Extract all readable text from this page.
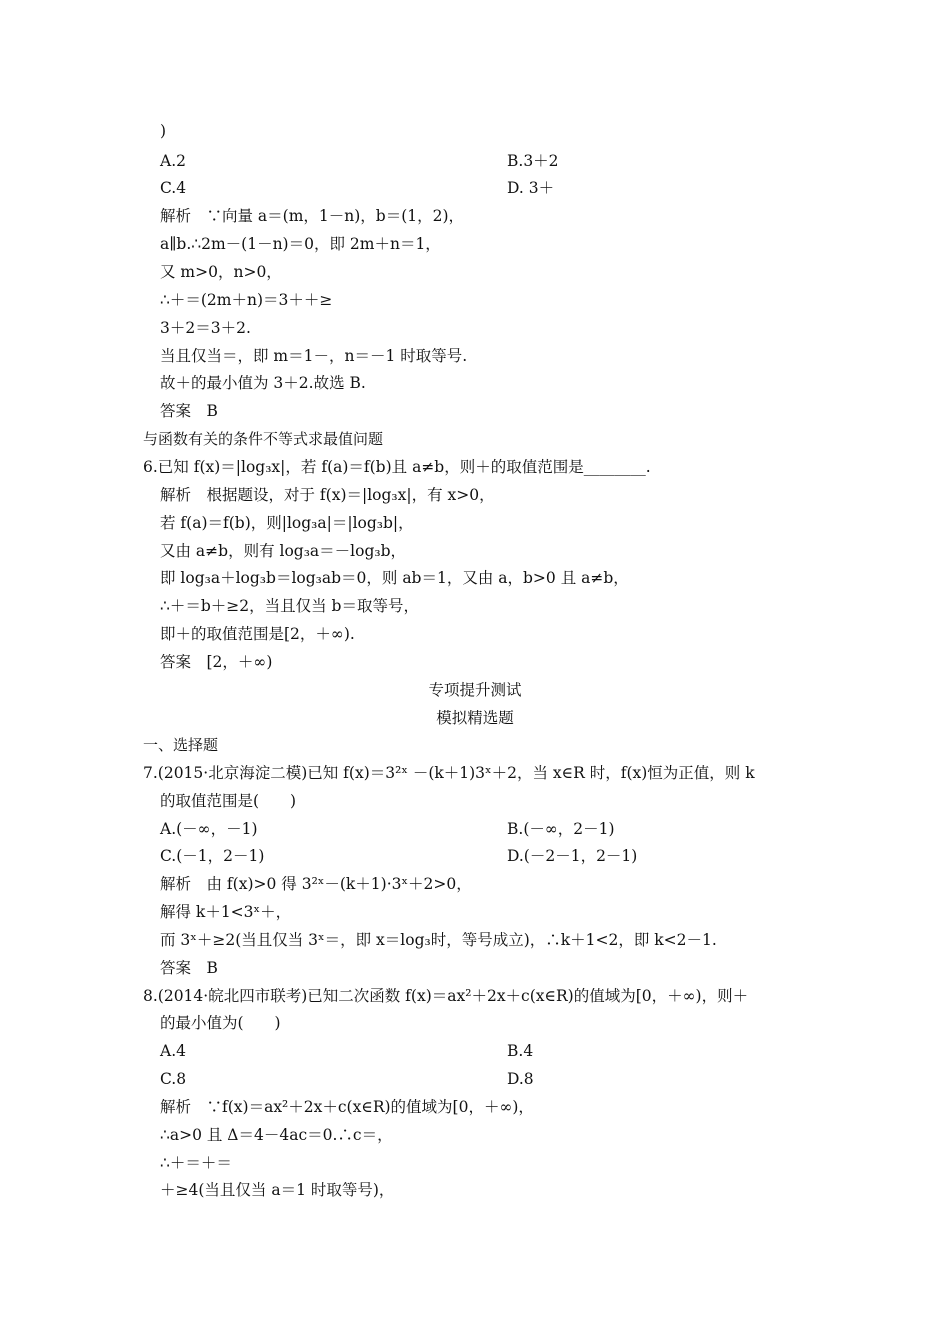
)
A.2	B.3＋2
C.4	D. 3＋
解析　∵向量 a＝(m，1－n)，b＝(1，2)，
a∥b.∴2m－(1－n)＝0，即 2m＋n＝1，
又 m>0，n>0，
∴＋＝(2m＋n)＝3＋＋≥
3＋2＝3＋2.
当且仅当＝，即 m＝1－，n＝－1 时取等号.
故＋的最小值为 3＋2.故选 B.
答案　B
与函数有关的条件不等式求最值问题
6.已知 f(x)＝|log₃x|，若 f(a)＝f(b)且 a≠b，则＋的取值范围是________.
解析　根据题设，对于 f(x)＝|log₃x|，有 x>0，
若 f(a)＝f(b)，则|log₃a|＝|log₃b|，
又由 a≠b，则有 log₃a＝－log₃b，
即 log₃a＋log₃b＝log₃ab＝0，则 ab＝1，又由 a，b>0 且 a≠b，
∴＋＝b＋≥2，当且仅当 b＝取等号，
即＋的取值范围是[2，＋∞).
答案　[2，＋∞)
专项提升测试
模拟精选题
一、选择题
7.(2015·北京海淀二模)已知 f(x)＝3²ˣ －(k＋1)3ˣ＋2，当 x∈R 时，f(x)恒为正值，则 k
的取值范围是(　　)
A.(－∞，－1)	B.(－∞，2－1)
C.(－1，2－1)	D.(－2－1，2－1)
解析　由 f(x)>0 得 3²ˣ－(k＋1)·3ˣ＋2>0，
解得 k＋1<3ˣ＋，
而 3ˣ＋≥2(当且仅当 3ˣ＝，即 x＝log₃时，等号成立)，∴k＋1<2，即 k<2－1.
答案　B
8.(2014·皖北四市联考)已知二次函数 f(x)＝ax²＋2x＋c(x∈R)的值域为[0，＋∞)，则＋
的最小值为(　　)
A.4	B.4
C.8	D.8
解析　∵f(x)＝ax²＋2x＋c(x∈R)的值域为[0，＋∞)，
∴a>0 且 Δ＝4－4ac＝0.∴c＝，
∴＋＝＋＝
＋≥4(当且仅当 a＝1 时取等号)，
